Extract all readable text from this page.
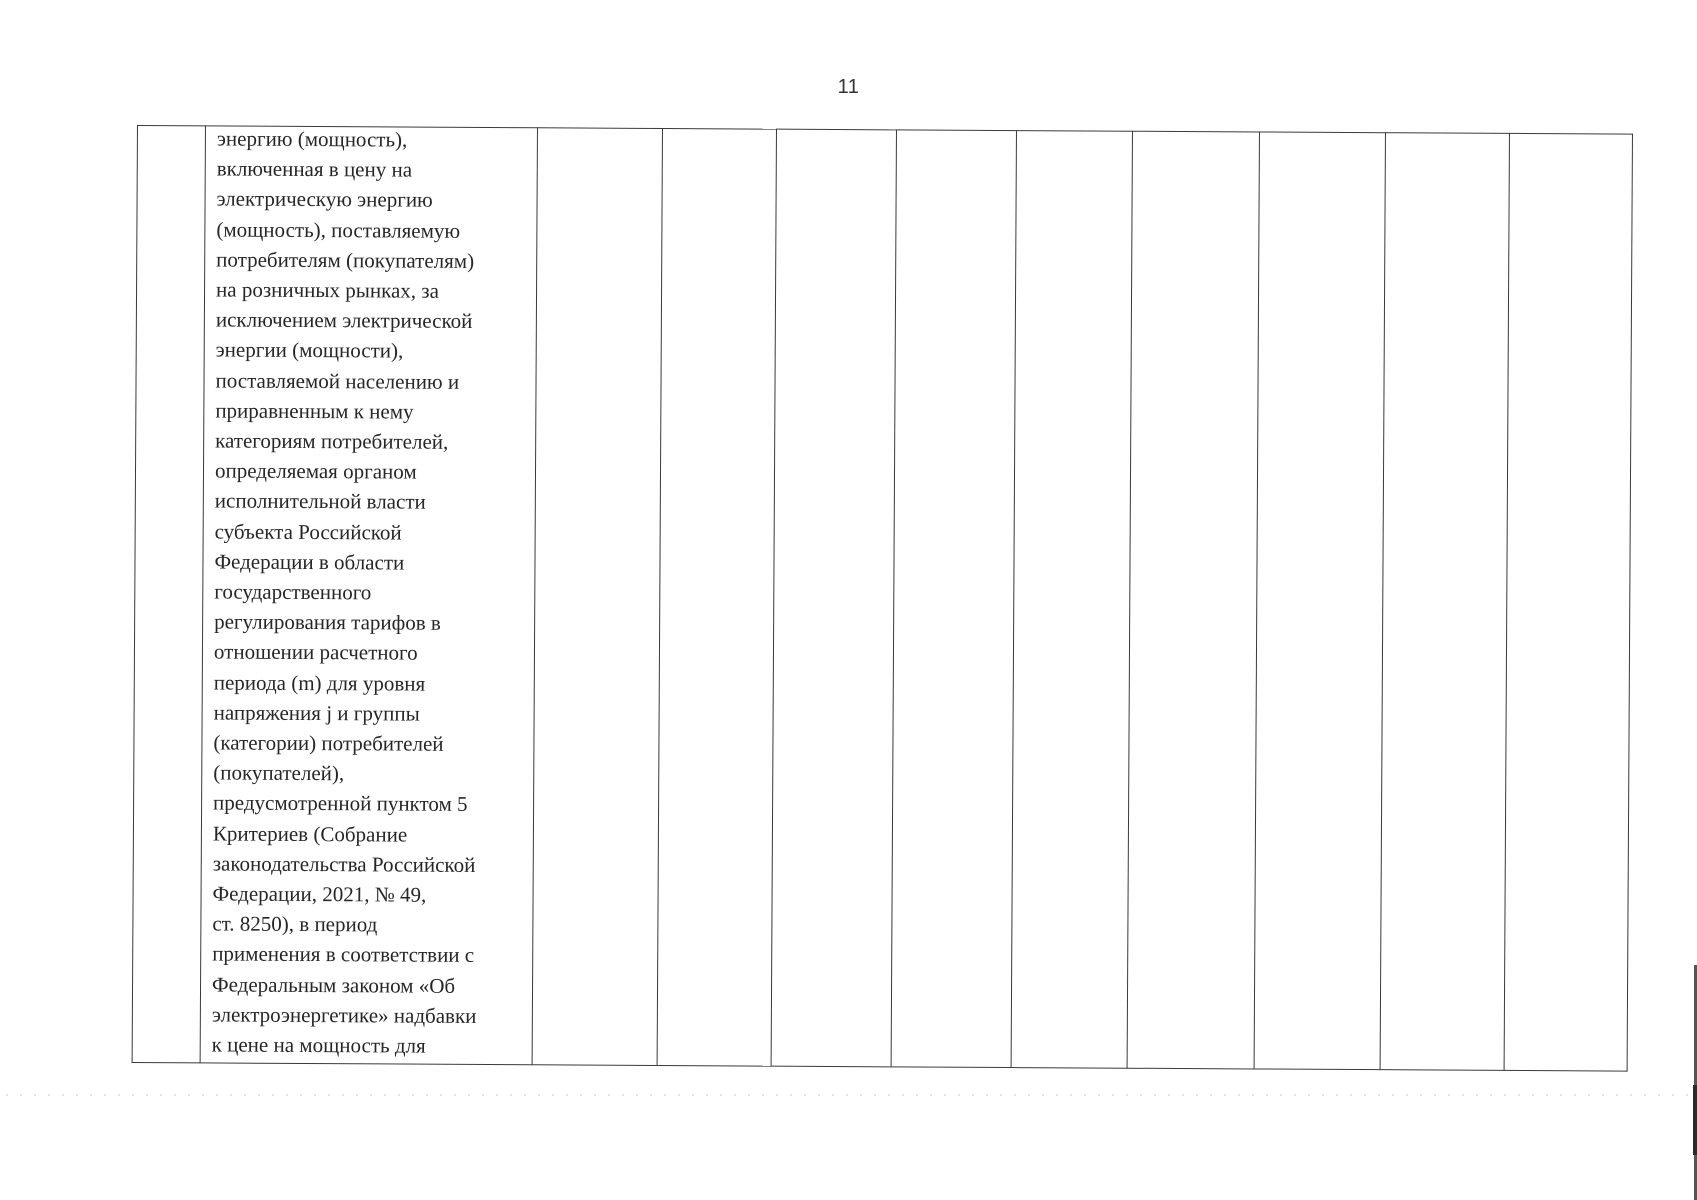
11

энергию (мощность),
включенная в цену на
электрическую энергию
(мощность), поставляемую
потребителям (покупателям)
на розничных рынках, за
исключением электрической
энергии (мощности),
поставляемой населению и
приравненным к нему
категориям потребителей,
определяемая органом
исполнительной власти
субъекта Российской
Федерации в области
государственного
регулирования тарифов в
отношении расчетного
периода (m) для уровня
напряжения j и группы
(категории) потребителей
(покупателей),
предусмотренной пунктом 5
Критериев (Собрание
законодательства Российской
Федерации, 2021, № 49,
ст. 8250), в период
применения в соответствии с
Федеральным законом «Об
электроэнергетике» надбавки
к цене на мощность для
